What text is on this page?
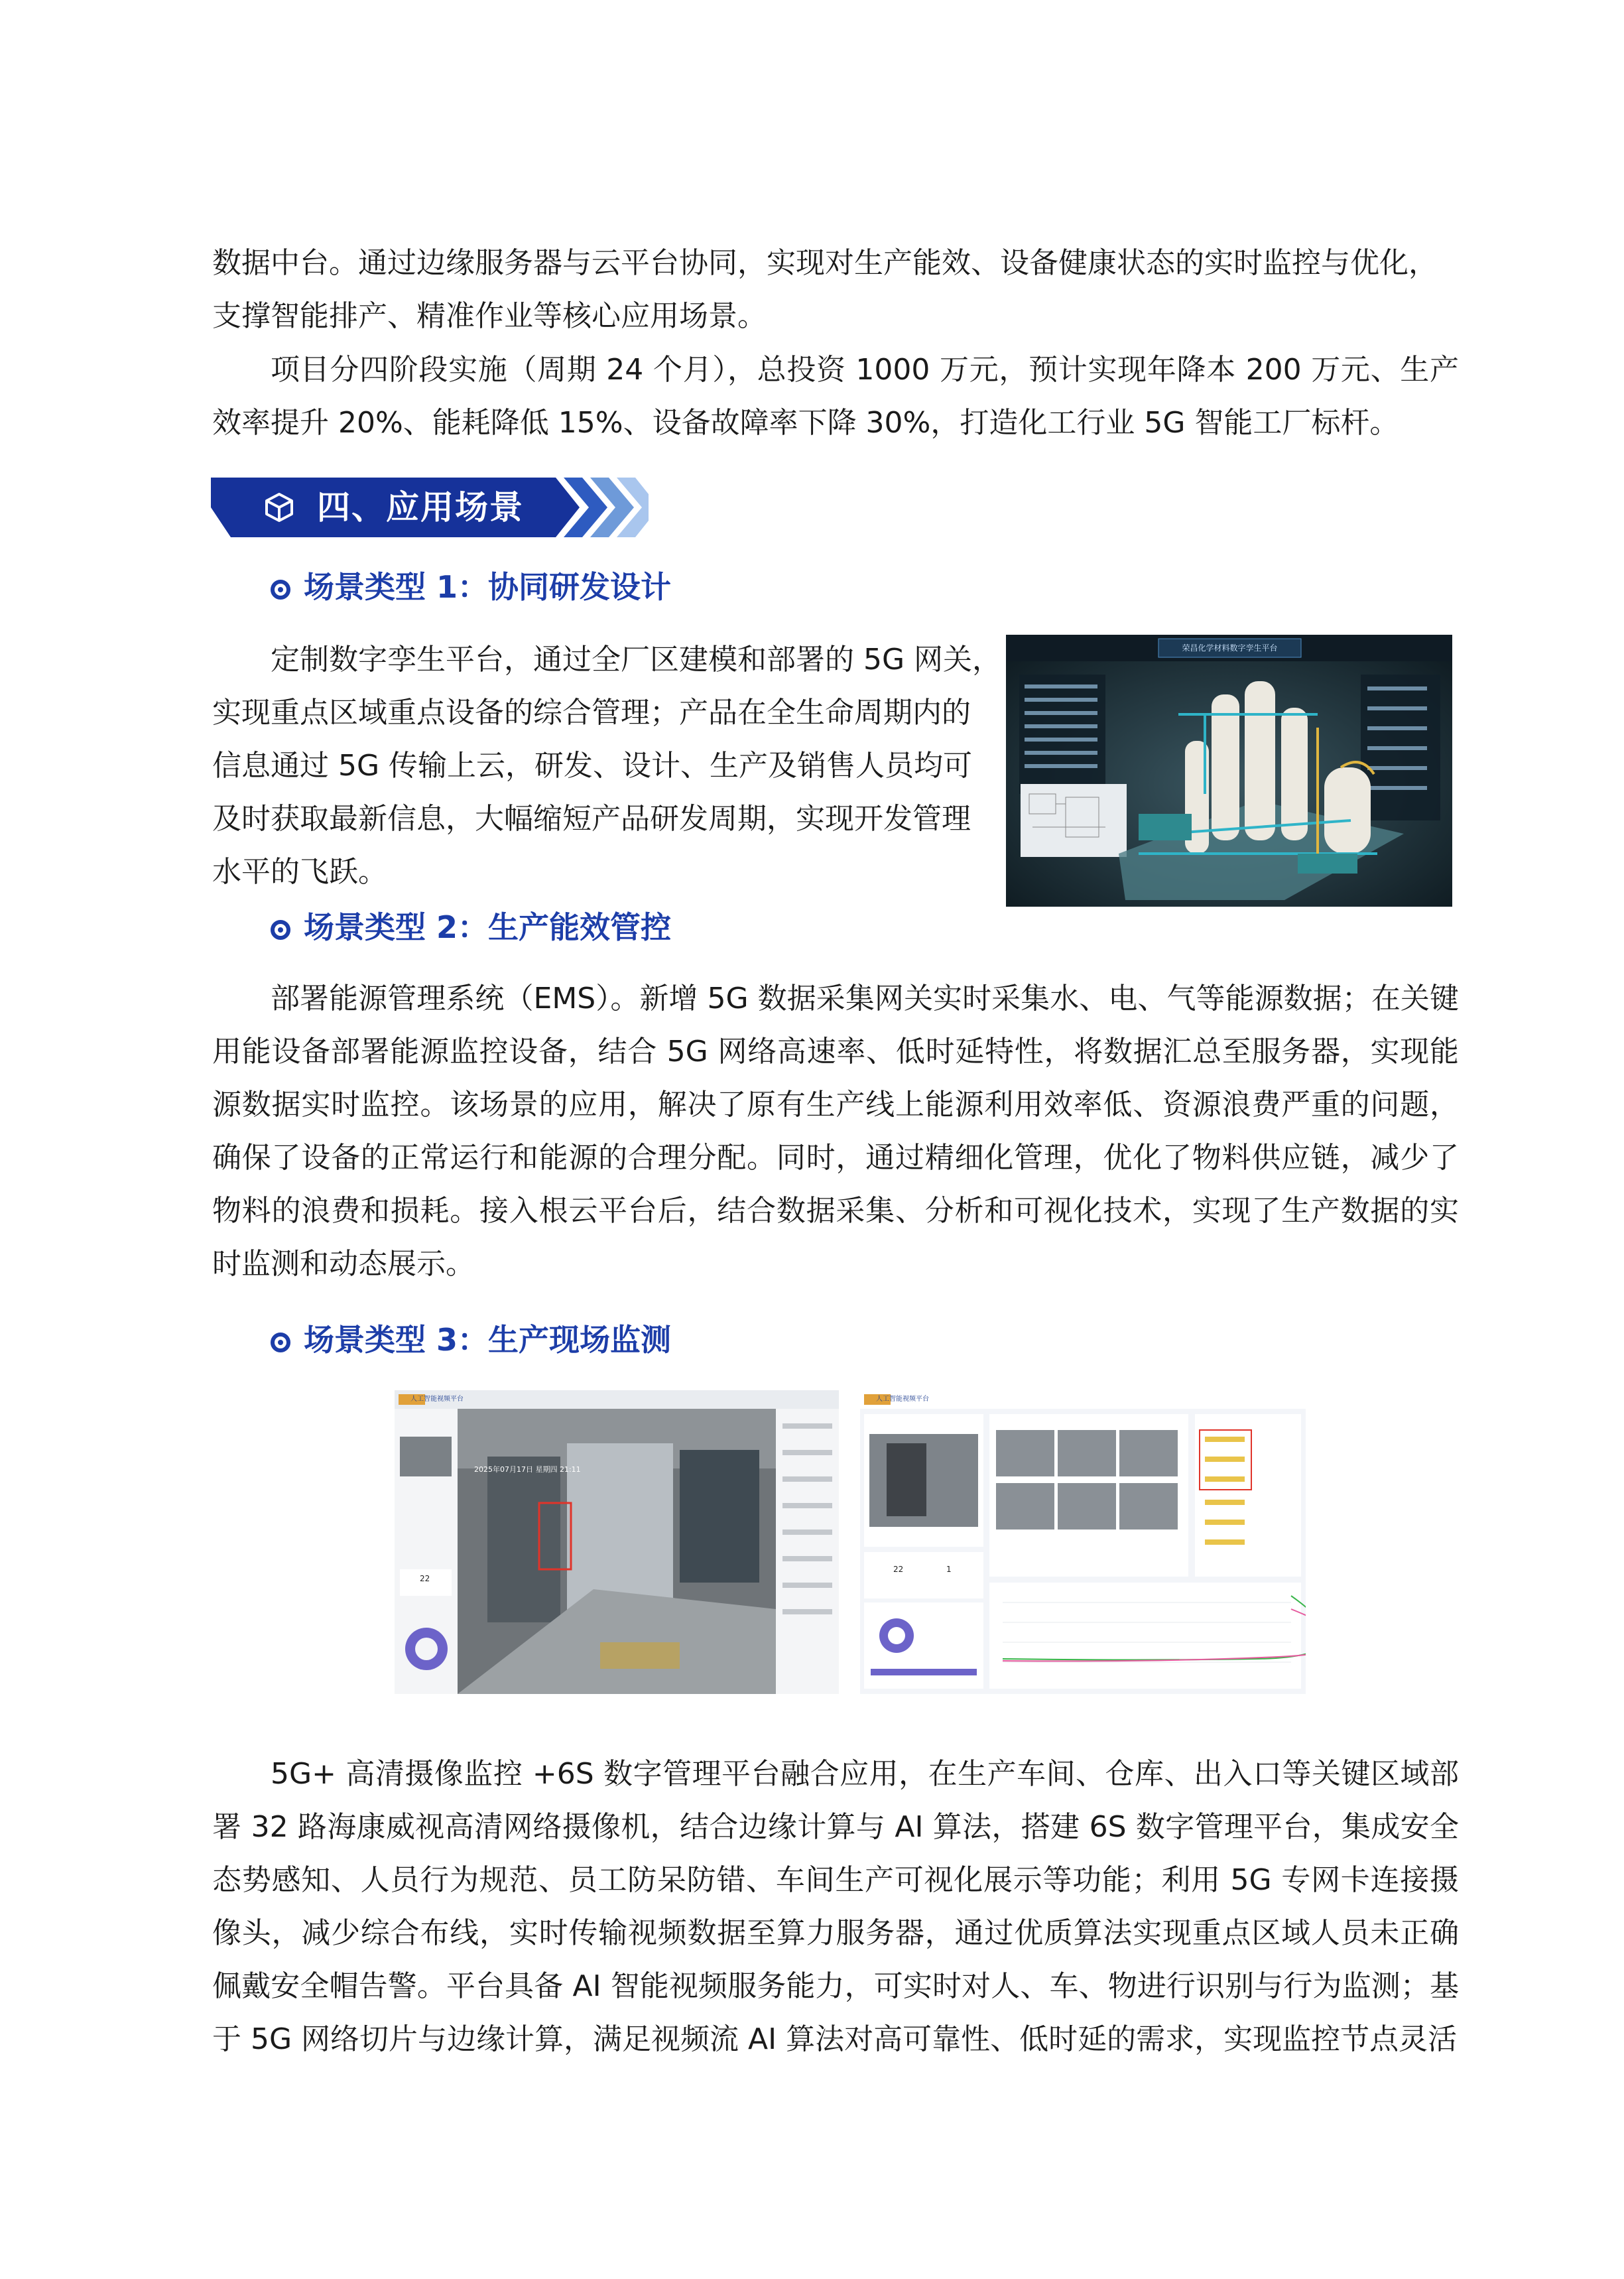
数据中台。通过边缘服务器与云平台协同，实现对生产能效、设备健康状态的实时监控与优化，

支撑智能排产、精准作业等核心应用场景。

项目分四阶段实施（周期 24 个月），总投资 1000 万元，预计实现年降本 200 万元、生产效率提升 20%、能耗降低 15%、设备故障率下降 30%，打造化工行业 5G 智能工厂标杆。

四、应用场景
场景类型 1：协同研发设计
定制数字孪生平台，通过全厂区建模和部署的 5G 网关，
实现重点区域重点设备的综合管理；产品在全生命周期内的
信息通过 5G 传输上云，研发、设计、生产及销售人员均可
及时获取最新信息，大幅缩短产品研发周期，实现开发管理
水平的飞跃。
荣昌化学材料数字孪生平台
场景类型 2：生产能效管控

部署能源管理系统（EMS）。新增 5G 数据采集网关实时采集水、电、气等能源数据；在关键用能设备部署能源监控设备，结合 5G 网络高速率、低时延特性，将数据汇总至服务器，实现能源数据实时监控。该场景的应用，解决了原有生产线上能源利用效率低、资源浪费严重的问题，确保了设备的正常运行和能源的合理分配。同时，通过精细化管理，优化了物料供应链，减少了物料的浪费和损耗。接入根云平台后，结合数据采集、分析和可视化技术，实现了生产数据的实时监测和动态展示。

场景类型 3：生产现场监测
人工智能视频平台
2025年07月17日 星期四 21:11
22
人工智能视频平台
22	1

5G+ 高清摄像监控 +6S 数字管理平台融合应用，在生产车间、仓库、出入口等关键区域部署 32 路海康威视高清网络摄像机，结合边缘计算与 AI 算法，搭建 6S 数字管理平台，集成安全态势感知、人员行为规范、员工防呆防错、车间生产可视化展示等功能；利用 5G 专网卡连接摄像头，减少综合布线，实时传输视频数据至算力服务器，通过优质算法实现重点区域人员未正确佩戴安全帽告警。平台具备 AI 智能视频服务能力，可实时对人、车、物进行识别与行为监测；基于 5G 网络切片与边缘计算，满足视频流 AI 算法对高可靠性、低时延的需求，实现监控节点灵活
